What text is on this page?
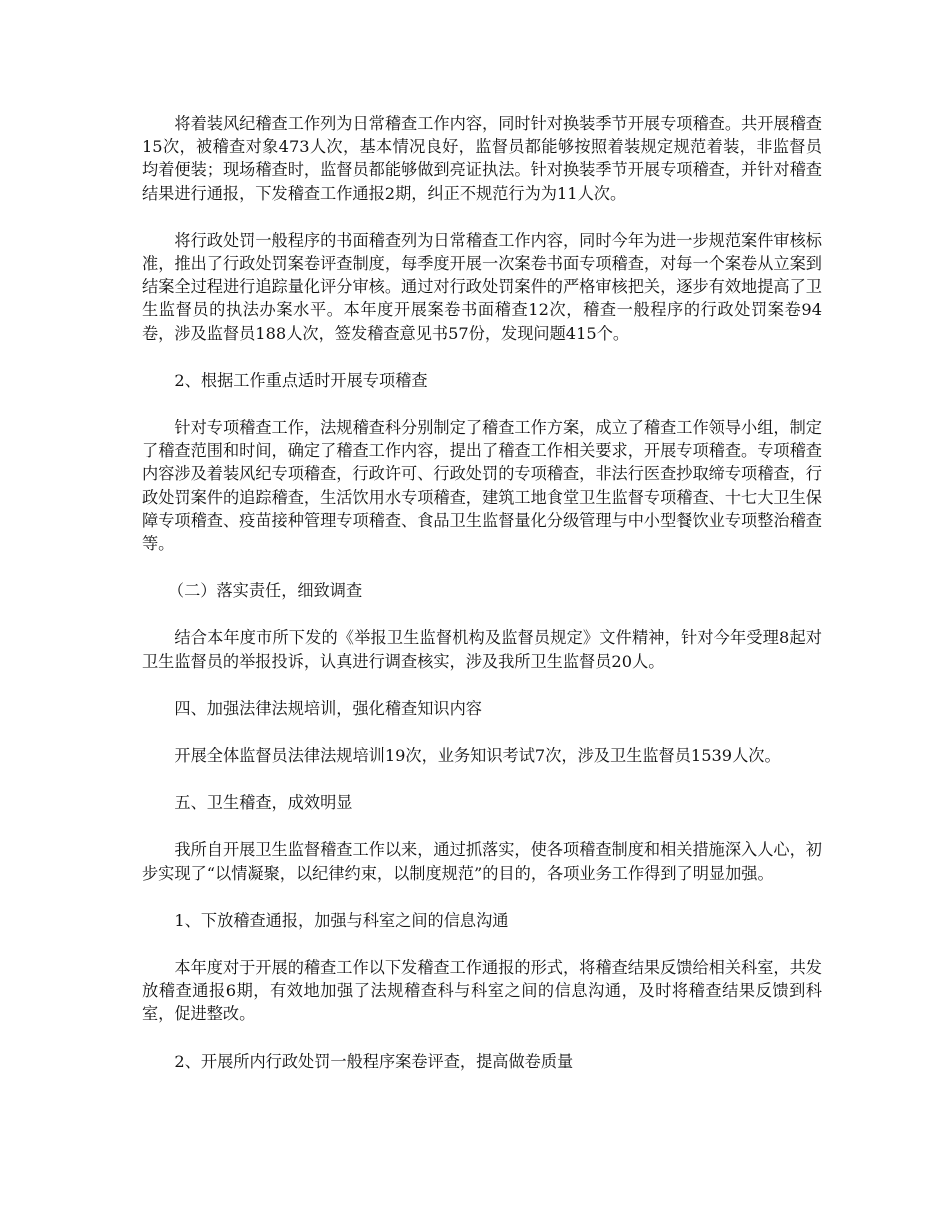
将着装风纪稽查工作列为日常稽查工作内容，同时针对换装季节开展专项稽查。共开展稽查15次，被稽查对象473人次，基本情况良好，监督员都能够按照着装规定规范着装，非监督员均着便装；现场稽查时，监督员都能够做到亮证执法。针对换装季节开展专项稽查，并针对稽查结果进行通报，下发稽查工作通报2期，纠正不规范行为为11人次。

将行政处罚一般程序的书面稽查列为日常稽查工作内容，同时今年为进一步规范案件审核标准，推出了行政处罚案卷评查制度，每季度开展一次案卷书面专项稽查，对每一个案卷从立案到结案全过程进行追踪量化评分审核。通过对行政处罚案件的严格审核把关，逐步有效地提高了卫生监督员的执法办案水平。本年度开展案卷书面稽查12次，稽查一般程序的行政处罚案卷94卷，涉及监督员188人次，签发稽查意见书57份，发现问题415个。

2、根据工作重点适时开展专项稽查

针对专项稽查工作，法规稽查科分别制定了稽查工作方案，成立了稽查工作领导小组，制定了稽查范围和时间，确定了稽查工作内容，提出了稽查工作相关要求，开展专项稽查。专项稽查内容涉及着装风纪专项稽查，行政许可、行政处罚的专项稽查，非法行医查抄取缔专项稽查，行政处罚案件的追踪稽查，生活饮用水专项稽查，建筑工地食堂卫生监督专项稽查、十七大卫生保障专项稽查、疫苗接种管理专项稽查、食品卫生监督量化分级管理与中小型餐饮业专项整治稽查等。

（二）落实责任，细致调查

结合本年度市所下发的《举报卫生监督机构及监督员规定》文件精神，针对今年受理8起对卫生监督员的举报投诉，认真进行调查核实，涉及我所卫生监督员20人。

四、加强法律法规培训，强化稽查知识内容

开展全体监督员法律法规培训19次，业务知识考试7次，涉及卫生监督员1539人次。

五、卫生稽查，成效明显

我所自开展卫生监督稽查工作以来，通过抓落实，使各项稽查制度和相关措施深入人心，初步实现了“以情凝聚，以纪律约束，以制度规范”的目的，各项业务工作得到了明显加强。

1、下放稽查通报，加强与科室之间的信息沟通

本年度对于开展的稽查工作以下发稽查工作通报的形式，将稽查结果反馈给相关科室，共发放稽查通报6期，有效地加强了法规稽查科与科室之间的信息沟通，及时将稽查结果反馈到科室，促进整改。

2、开展所内行政处罚一般程序案卷评查，提高做卷质量
